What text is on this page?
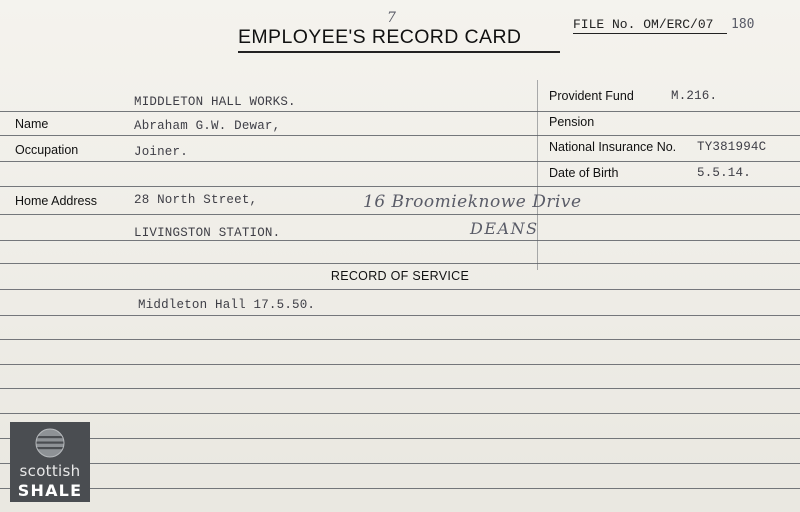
EMPLOYEE'S RECORD CARD
7	FILE No. OM/ERC/07 180
MIDDLETON HALL WORKS.
Name	Abraham G.W. Dewar,
Occupation	Joiner.
Home Address	28 North Street,
LIVINGSTON STATION.
16 Broomieknowe Drive
DEANS
Provident Fund	M.216.
Pension
National Insurance No. TY381994C
Date of Birth	5.5.14.
RECORD OF SERVICE
Middleton Hall 17.5.50.
scottish
SHALE
